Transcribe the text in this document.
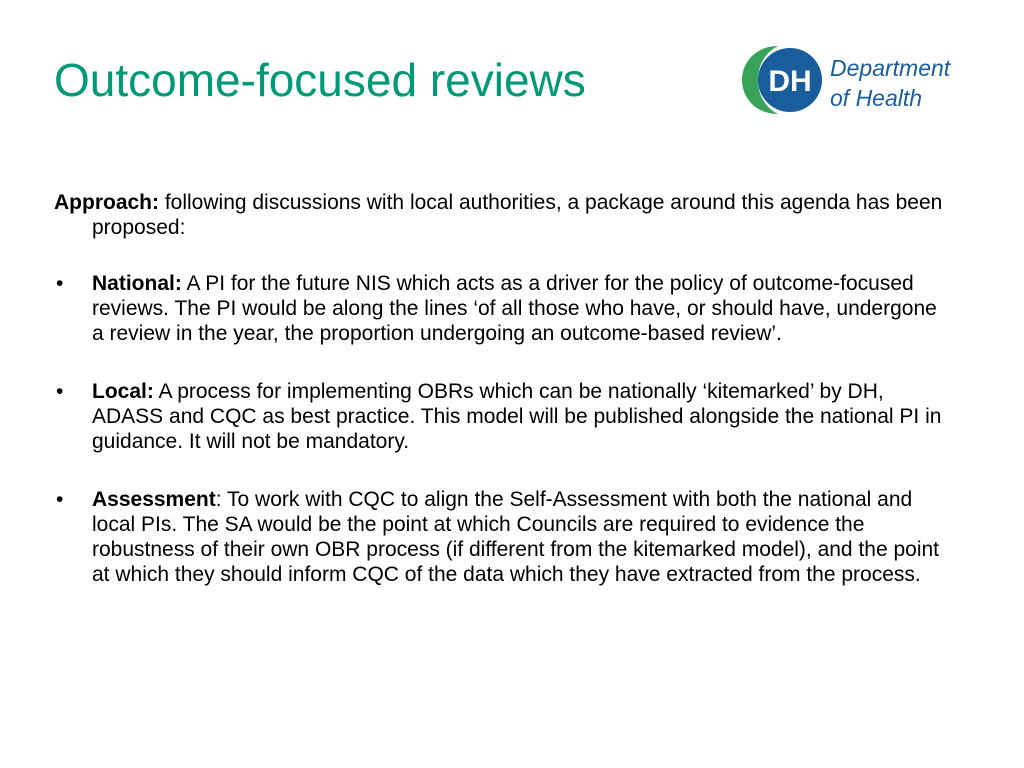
Outcome-focused reviews	DH Department
of Health

Approach: following discussions with local authorities, a package around this agenda has been proposed:

• National: A PI for the future NIS which acts as a driver for the policy of outcome-focused reviews. The PI would be along the lines ‘of all those who have, or should have, undergone a review in the year, the proportion undergoing an outcome-based review’.
• Local: A process for implementing OBRs which can be nationally ‘kitemarked’ by DH, ADASS and CQC as best practice. This model will be published alongside the national PI in guidance. It will not be mandatory.
• Assessment: To work with CQC to align the Self-Assessment with both the national and local PIs. The SA would be the point at which Councils are required to evidence the robustness of their own OBR process (if different from the kitemarked model), and the point at which they should inform CQC of the data which they have extracted from the process.
